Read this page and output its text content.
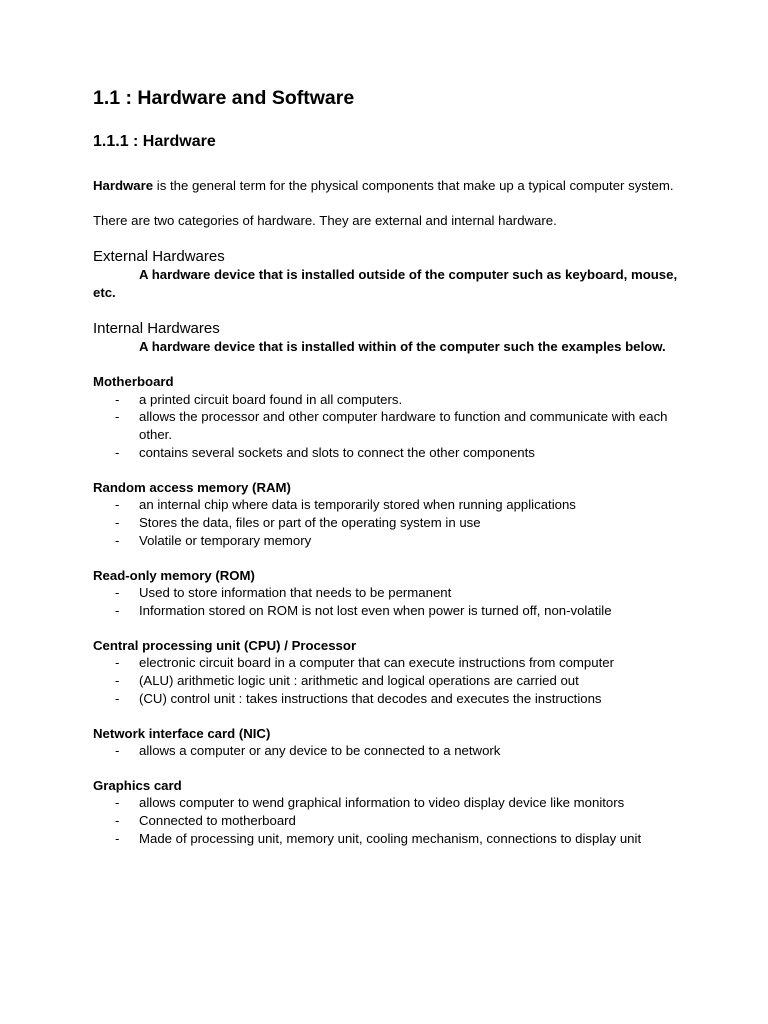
1.1 : Hardware and Software
1.1.1 : Hardware

Hardware is the general term for the physical components that make up a typical computer system.

There are two categories of hardware. They are external and internal hardware.

External Hardwares

A hardware device that is installed outside of the computer such as keyboard, mouse, etc.

Internal Hardwares

A hardware device that is installed within of the computer such the examples below.

Motherboard
- a printed circuit board found in all computers.
- allows the processor and other computer hardware to function and communicate with each other.
- contains several sockets and slots to connect the other components
Random access memory (RAM)
- an internal chip where data is temporarily stored when running applications
- Stores the data, files or part of the operating system in use
- Volatile or temporary memory
Read-only memory (ROM)
- Used to store information that needs to be permanent
- Information stored on ROM is not lost even when power is turned off, non-volatile
Central processing unit (CPU) / Processor
- electronic circuit board in a computer that can execute instructions from computer
- (ALU) arithmetic logic unit : arithmetic and logical operations are carried out
- (CU) control unit : takes instructions that decodes and executes the instructions
Network interface card (NIC)
- allows a computer or any device to be connected to a network
Graphics card
- allows computer to wend graphical information to video display device like monitors
- Connected to motherboard
- Made of processing unit, memory unit, cooling mechanism, connections to display unit
